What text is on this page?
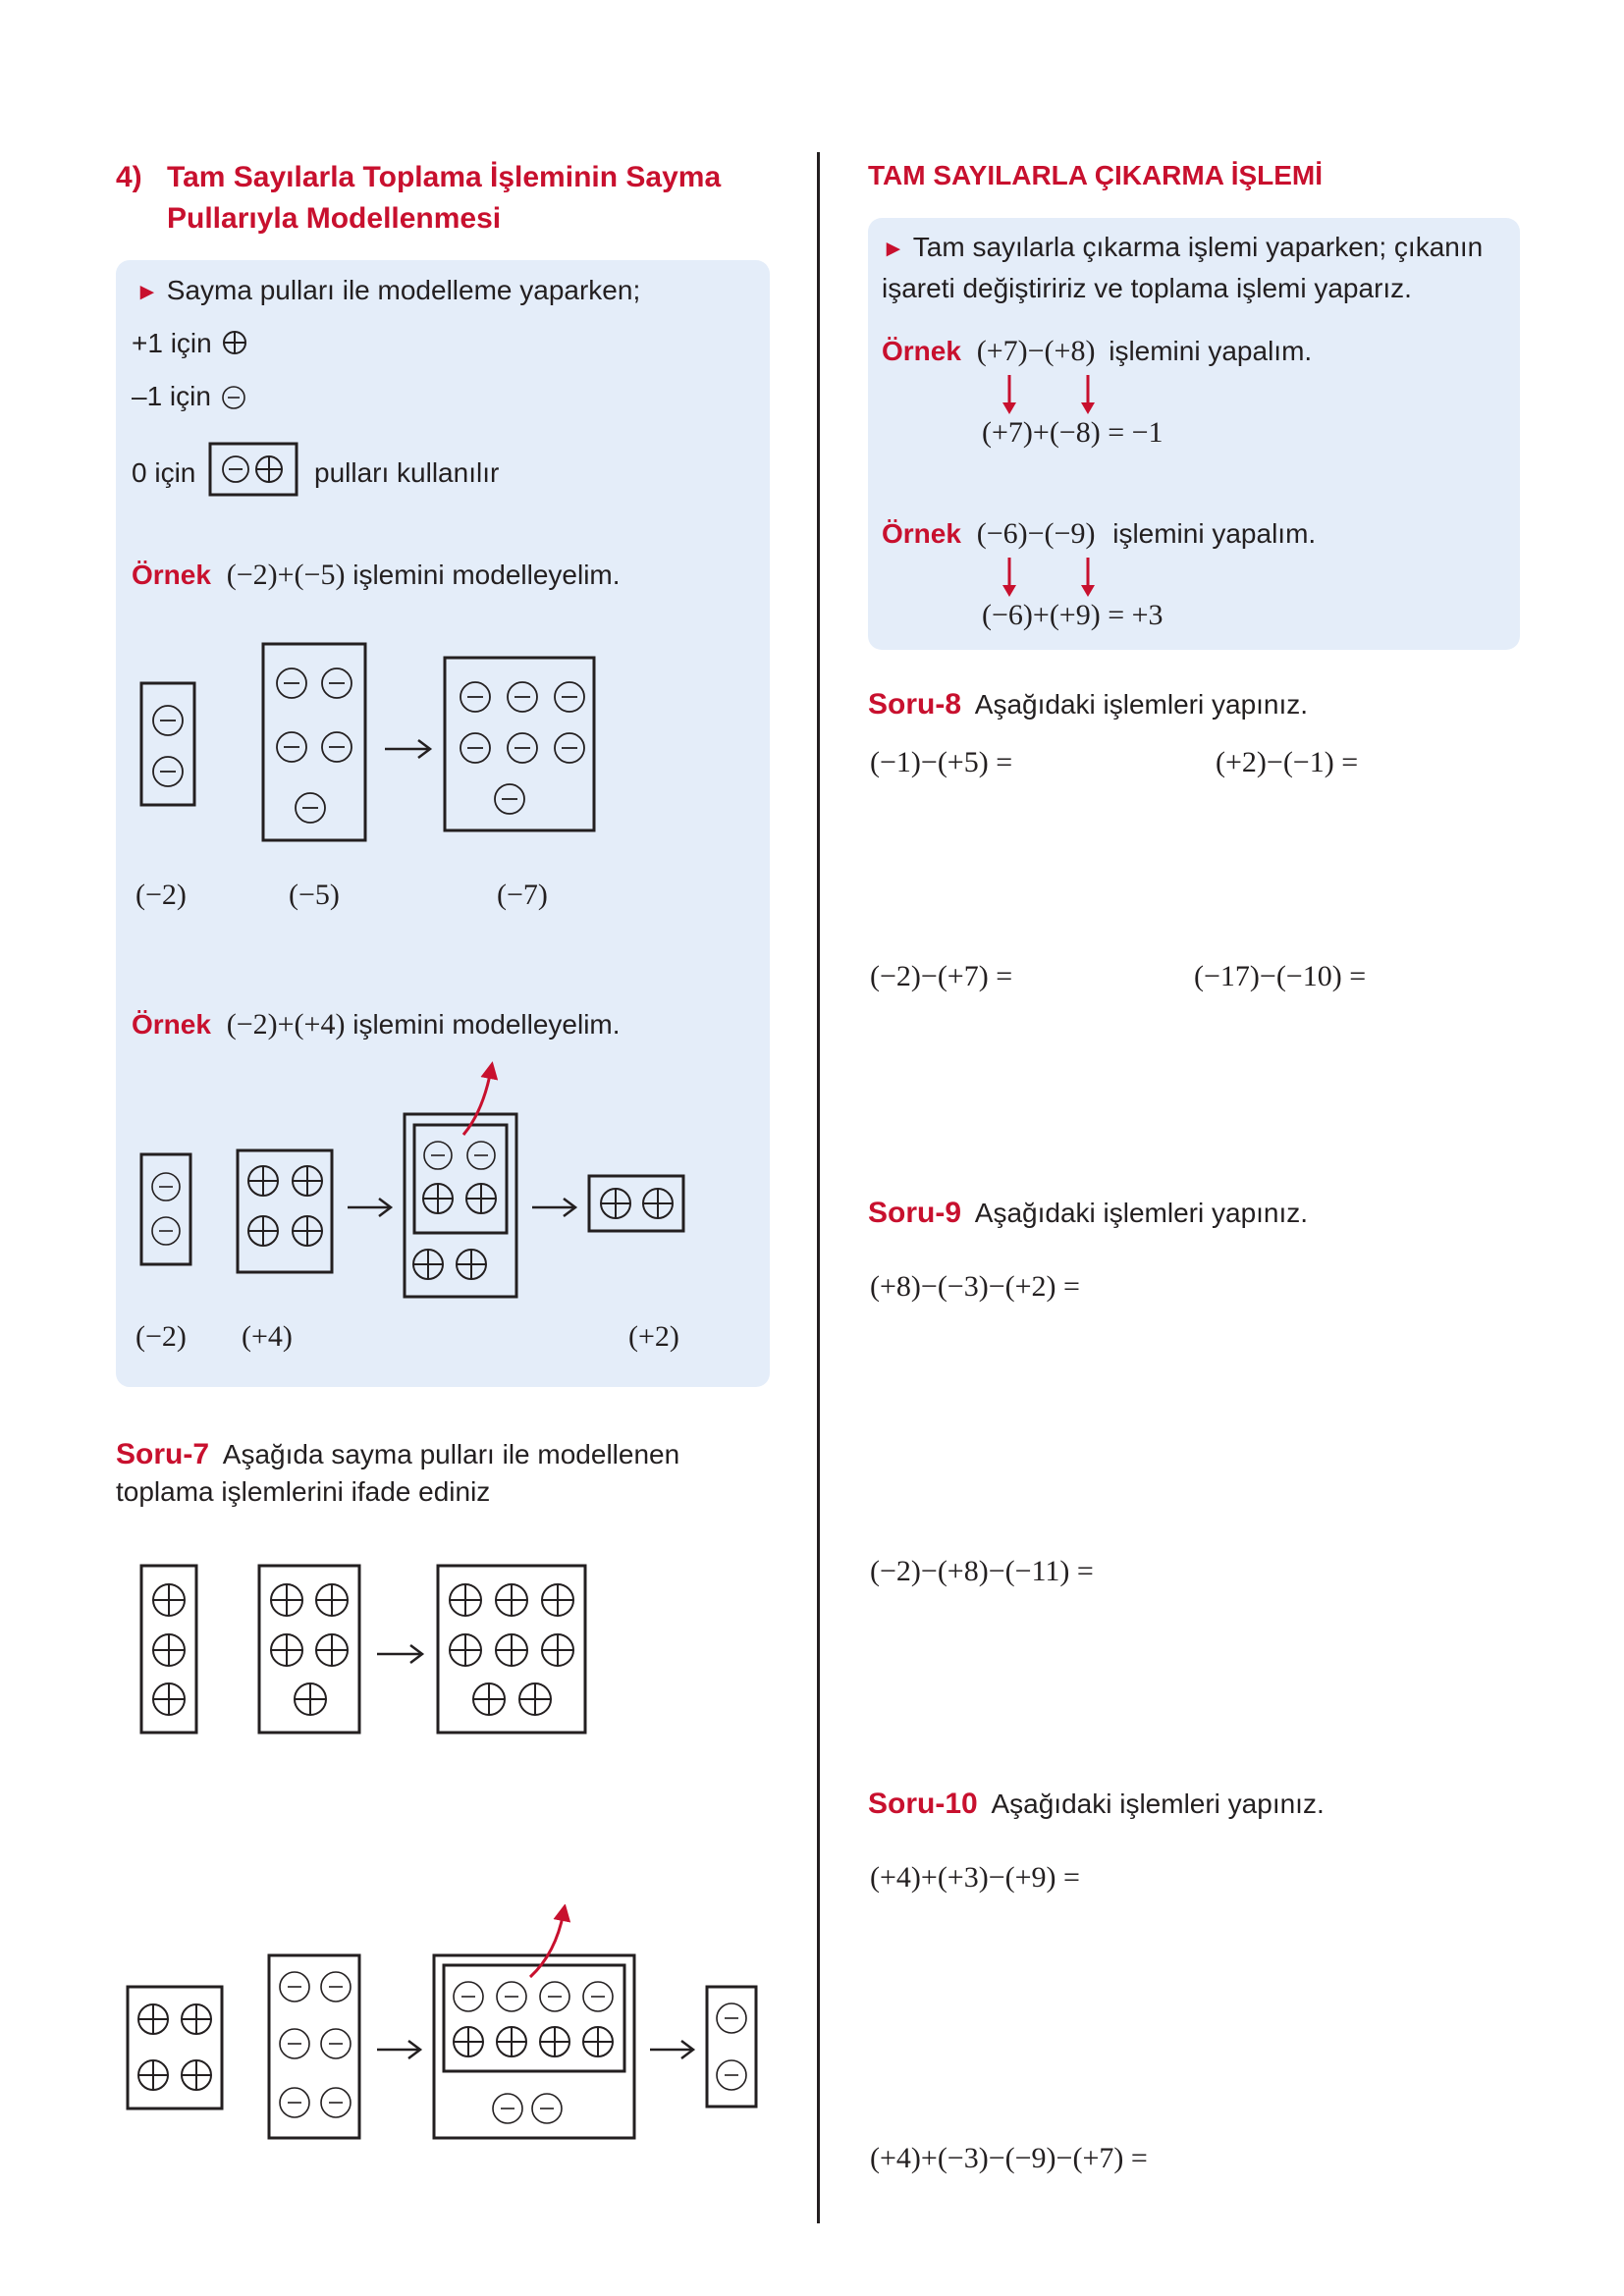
4) Tam Sayılarla Toplama İşleminin Sayma
Pullarıyla Modellenmesi
► Sayma pulları ile modelleme yaparken;
+1 için
–1 için
0 için	pulları kullanılır
Örnek (−2)+(−5) işlemini modelleyelim.
(−2)	(−5)	(−7)
Örnek (−2)+(+4) işlemini modelleyelim.
(−2) (+4)	(+2)
Soru-7 Aşağıda sayma pulları ile modellenen
toplama işlemlerini ifade ediniz
TAM SAYILARLA ÇIKARMA İŞLEMİ
► Tam sayılarla çıkarma işlemi yaparken; çıkanın
işareti değiştiririz ve toplama işlemi yaparız.
Örnek (+7)−(+8) işlemini yapalım.
(+7)+(−8) = −1
Örnek (−6)−(−9) işlemini yapalım.
(−6)+(+9) = +3
Soru-8 Aşağıdaki işlemleri yapınız.
(−1)−(+5) =	(+2)−(−1) =
(−2)−(+7) =	(−17)−(−10) =
Soru-9 Aşağıdaki işlemleri yapınız.
(+8)−(−3)−(+2) =
(−2)−(+8)−(−11) =
Soru-10 Aşağıdaki işlemleri yapınız.
(+4)+(+3)−(+9) =
(+4)+(−3)−(−9)−(+7) =
